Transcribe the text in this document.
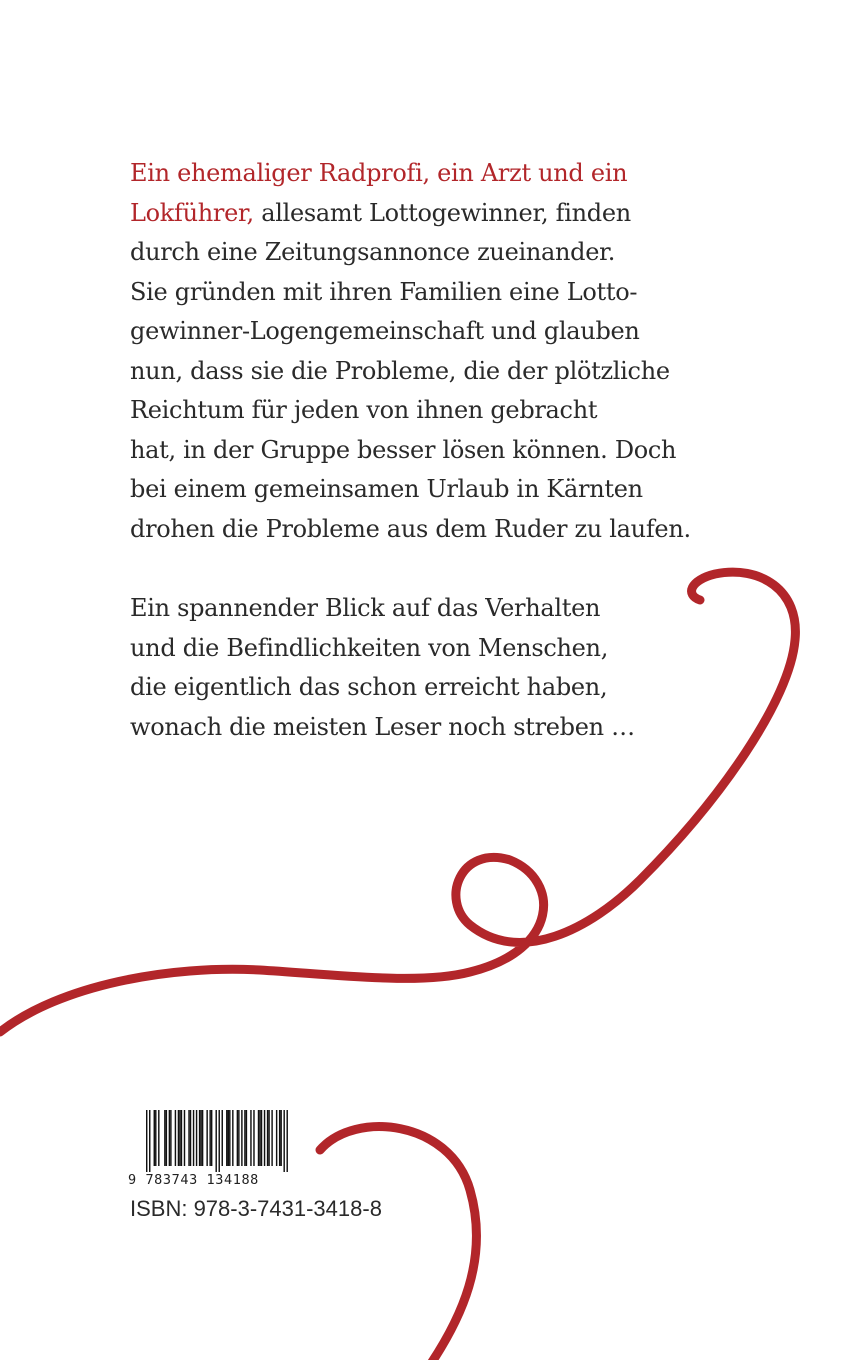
Ein ehemaliger Radprofi, ein Arzt und ein
Lokführer, allesamt Lottogewinner, finden
durch eine Zeitungsannonce zueinander.
Sie gründen mit ihren Familien eine Lotto-
gewinner-Logengemeinschaft und glauben
nun, dass sie die Probleme, die der plötzliche
Reichtum für jeden von ihnen gebracht
hat, in der Gruppe besser lösen können. Doch
bei einem gemeinsamen Urlaub in Kärnten
drohen die Probleme aus dem Ruder zu laufen.
Ein spannender Blick auf das Verhalten
und die Befindlichkeiten von Menschen,
die eigentlich das schon erreicht haben,
wonach die meisten Leser noch streben …
9 783743 134188
ISBN: 978-3-7431-3418-8
